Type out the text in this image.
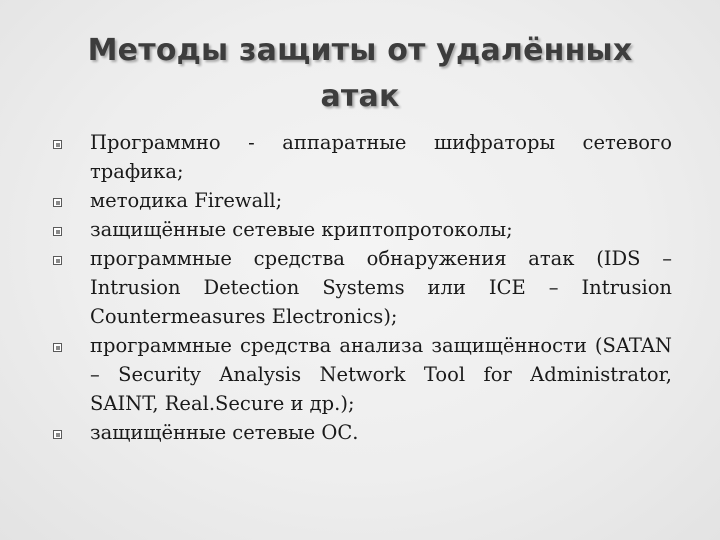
Методы защиты от удалённых атак
Программно - аппаратные шифраторы сетевого трафика;
методика Firewall;
защищённые сетевые криптопротоколы;
программные средства обнаружения атак (IDS – Intrusion Detection Systems или ICE – Intrusion Countermeasures Electronics);
программные средства анализа защищённости (SATAN – Security Analysis Network Tool for Administrator, SAINT, Real.Secure и др.);
защищённые сетевые ОС.
